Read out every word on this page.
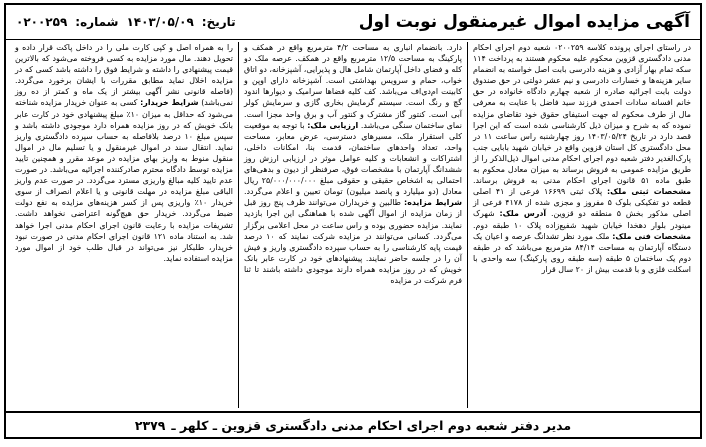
آگهی مزایده اموال غیرمنقول نوبت اول
تاریخ:
۱۴۰۳/۰۵/۰۹
شماره:
۰۲۰۰۲۵۹

در راستای اجرای پرونده کلاسه ۰۲۰۰۲۵۹ شعبه دوم اجرای احکام مدنی دادگستری قزوین محکوم علیه محکوم هستند به پرداخت ۱۱۴ سکه تمام بهار آزادی و هزینه دادرسی بابت اصل خواسته به انضمام سایر هزینه‌ها و خسارات دادرسی و نیم عشر دولتی در حق صندوق دولت بابت اجرائیه صادره از شعبه چهارم دادگاه خانواده در حق خانم افسانه سادات احمدی فرزند سید فاضل با عنایت به معرفی مال از طرف محکوم له جهت استیفای حقوق خود تقاضای مزایده نموده که به شرح و میزان ذیل کارشناسی شده است که این اجرا قصد دارد در تاریخ ۱۴۰۳/۰۵/۲۴ روز چهارشنبه راس ساعت ۱۱ در محل دادگستری کل استان قزوین واقع در خیابان شهید بابایی جنب پارک‌الغدیر دفتر شعبه دوم اجرای احکام مدنی اموال ذیل‌الذکر را از طریق مزایده عمومی به فروش برساند به میزان معادل محکوم به طبق ماده ۵۱ قانون اجرای احکام مدنی به فروش برساند. مشخصات ثبتی ملک: پلاک ثبتی ۱۶۶۹۹ فرعی از ۴۱ اصلی قطعه دو تفکیکی بلوک ۵ مفروز و مجزی شده از ۴۱۷۸ فرعی از اصلی مذکور بخش ۵ منطقه دو قزوین. آدرس ملک: شهرک مینودر بلوار دهخدا خیابان شهید شفیع‌زاده پلاک ۱۰ طبقه دوم. مشخصات فنی ملک: ملک مورد نظر تشدانگ عرصه و اعیان یک دستگاه آپارتمان به مساحت ۸۴/۱۴ مترمربع می‌باشد که در طبقه دوم یک ساختمان ۵ طبقه (سه طبقه روی پارکینگ) سه واحدی با اسکلت فلزی و با قدمت بیش از ۲۰ سال قرار

دارد. بانضمام انباری به مساحت ۴/۲ مترمربع واقع در همکف و پارکینگ به مساحت ۱۲/۵ مترمربع واقع در همکف. عرصه ملک دو کله و فضای داخل آپارتمان شامل هال و پذیرایی، آشپزخانه، دو اتاق خواب، حمام و سرویس بهداشتی است. آشپزخانه دارای اوپن و کابینت ام‌دی‌اف می‌باشد. کف کلیه فضاها سرامیک و دیوارها اندود گچ و رنگ است. سیستم گرمایش بخاری گازی و سرمایش کولر آبی است. کنتور گاز مشترک و کنتور آب و برق واحد مجزا است. نمای ساختمان سنگی می‌باشد. ارزیابی ملک: با توجه به موقعیت کلی استقرار ملک، مسیرهای دسترسی، عرض معابر، مساحت واحد، تعداد واحدهای ساختمان، قدمت بنا، امکانات داخلی، اشتراکات و انشعابات و کلیه عوامل موثر در ارزیابی ارزش روز ششدانگ آپارتمان با مشخصات فوق، صرفنظر از دیون و بدهی‌های احتمالی به اشخاص حقیقی و حقوقی مبلغ ۲۵/۰۰۰/۰۰۰/۰۰۰ ریال معادل (دو میلیارد و پانصد میلیون) تومان تعیین و اعلام می‌گردد. شرایط مزایده: طالبین و خریداران می‌توانند ظرف پنج روز قبل از زمان مزایده از اموال آگهی شده با هماهنگی این اجرا بازدید نمایند. مزایده حضوری بوده و راس ساعت در محل اعلامی برگزار می‌گردد. کسانی می‌توانند در مزایده شرکت نمایند که ۱۰ درصد قیمت پایه کارشناسی را به حساب سپرده دادگستری واریز و فیش آن را در جلسه حاضر نمایند. پیشنهادهای خود در کارت عابر بانک خویش که در روز مزایده همراه دارند موجودی داشته باشند تا ثنا فرم شرکت در مزایده

را به همراه اصل و کپی کارت ملی را در داخل پاکت قرار داده و تحویل دهند. مال مورد مزایده به کسی فروخته می‌شود که بالاترین قیمت پیشنهادی را داشته و شرایط فوق را داشته باشد کسی که در مزایده اخلال نماید مطابق مقررات با ایشان برخورد می‌گردد. (فاصله قانونی نشر آگهی بیشتر از یک ماه و کمتر از ده روز نمی‌باشد) شرایط خریدار: کسی به عنوان خریدار مزایده شناخته می‌شود که حداقل به میزان ۱۰٪ مبلغ پیشنهادی خود در کارت عابر بانک خویش که در روز مزایده همراه دارد موجودی داشته باشد و سپس مبلغ ۱۰ درصد بلافاصله به حساب سپرده دادگستری واریز نماید. انتقال سند در اموال غیرمنقول و یا تسلیم مال در اموال منقول منوط به واریز بهای مزایده در موعد مقرر و همچنین تایید مزایده توسط دادگاه محترم صادرکننده اجرائیه می‌باشد. در صورت عدم تایید کلیه مبالغ واریزی مسترد می‌گردد. در صورت عدم واریز الباقی مبلغ مزایده در مهلت قانونی و یا اعلام انصراف از سوی خریدار ۱۰٪ واریزی پس از کسر هزینه‌های مزایده به نفع دولت ضبط می‌گردد. خریدار حق هیچ‌گونه اعتراضی نخواهد داشت. تشریفات مزایده با رعایت قانون اجرای احکام مدنی اجرا خواهد شد. به استناد ماده ۱۲۱ قانون اجرای احکام مدنی در صورت نبود خریدار، طلبکار نیز می‌تواند در قبال طلب خود از اموال مورد مزایده استفاده نماید.

مدیر دفتر شعبه دوم اجرای احکام مدنی دادگستری قزوین ـ کلهر ـ
۲۳۷۹
